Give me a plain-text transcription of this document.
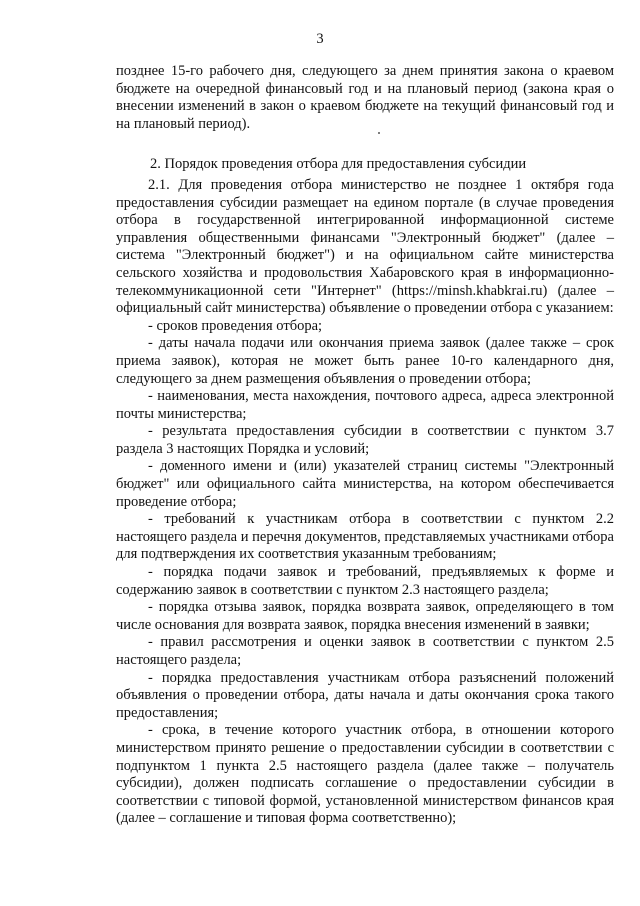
3

позднее 15-го рабочего дня, следующего за днем принятия закона о краевом бюджете на очередной финансовый год и на плановый период (закона края о внесении изменений в закон о краевом бюджете на текущий финансовый год и на плановый период).

2. Порядок проведения отбора для предоставления субсидии

2.1. Для проведения отбора министерство не позднее 1 октября года предоставления субсидии размещает на едином портале (в случае проведения отбора в государственной интегрированной информационной системе управления общественными финансами "Электронный бюджет" (далее – система "Электронный бюджет") и на официальном сайте министерства сельского хозяйства и продовольствия Хабаровского края в информационно-телекоммуникационной сети "Интернет" (https://minsh.khabkrai.ru) (далее – официальный сайт министерства) объявление о проведении отбора с указанием:

- сроков проведения отбора;

- даты начала подачи или окончания приема заявок (далее также – срок приема заявок), которая не может быть ранее 10-го календарного дня, следующего за днем размещения объявления о проведении отбора;

- наименования, места нахождения, почтового адреса, адреса электронной почты министерства;

- результата предоставления субсидии в соответствии с пунктом 3.7 раздела 3 настоящих Порядка и условий;

- доменного имени и (или) указателей страниц системы "Электронный бюджет" или официального сайта министерства, на котором обеспечивается проведение отбора;

- требований к участникам отбора в соответствии с пунктом 2.2 настоящего раздела и перечня документов, представляемых участниками отбора для подтверждения их соответствия указанным требованиям;

- порядка подачи заявок и требований, предъявляемых к форме и содержанию заявок в соответствии с пунктом 2.3 настоящего раздела;

- порядка отзыва заявок, порядка возврата заявок, определяющего в том числе основания для возврата заявок, порядка внесения изменений в заявки;

- правил рассмотрения и оценки заявок в соответствии с пунктом 2.5 настоящего раздела;

- порядка предоставления участникам отбора разъяснений положений объявления о проведении отбора, даты начала и даты окончания срока такого предоставления;

- срока, в течение которого участник отбора, в отношении которого министерством принято решение о предоставлении субсидии в соответствии с подпунктом 1 пункта 2.5 настоящего раздела (далее также – получатель субсидии), должен подписать соглашение о предоставлении субсидии в соответствии с типовой формой, установленной министерством финансов края (далее – соглашение и типовая форма соответственно);
